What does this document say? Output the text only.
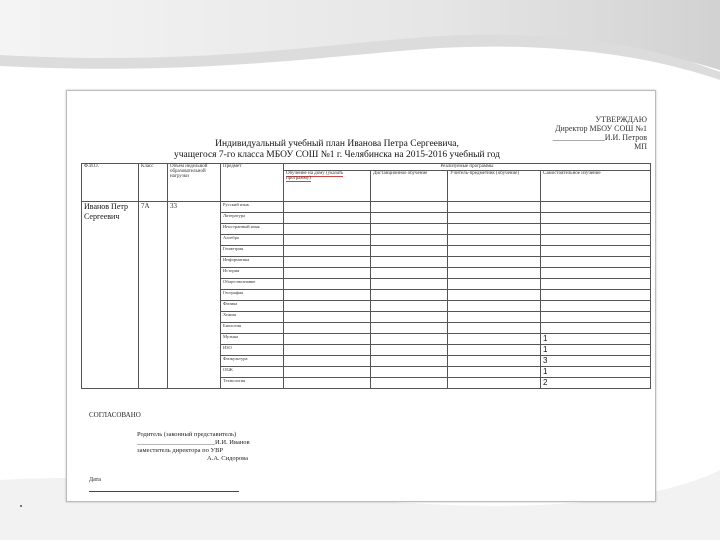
УТВЕРЖДАЮ
Директор МБОУ СОШ №1
_____________И.И. Петров
МП
Индивидуальный учебный план Иванова Петра Сергеевича,
учащегося 7-го класса МБОУ СОШ №1 г. Челябинска на 2015-2016 учебный год
Ф.И.О.	Класс	Объем недельной образовательной нагрузки	Предмет	Реализуемые программы			
				Обучение на дому (указать программу)	Дистанционное обучение	Учитель-предметник (обучение)	Самостоятельное изучение
Иванов Петр Сергеевич	7А	33	Русский язык				
			Литература				
			Иностранный язык				
			Алгебра				
			Геометрия				
			Информатика				
			История				
			Обществознание				
			География				
			Физика				
			Химия				
			Биология				
			Музыка				1
			ИЗО				1
			Физкультура				3
			ОБЖ				1
			Технология				2
СОГЛАСОВАНО
Родитель (законный представитель)
________________________И.И. Иванов
заместитель директора по УВР
А.А. Сидорова
Дата
